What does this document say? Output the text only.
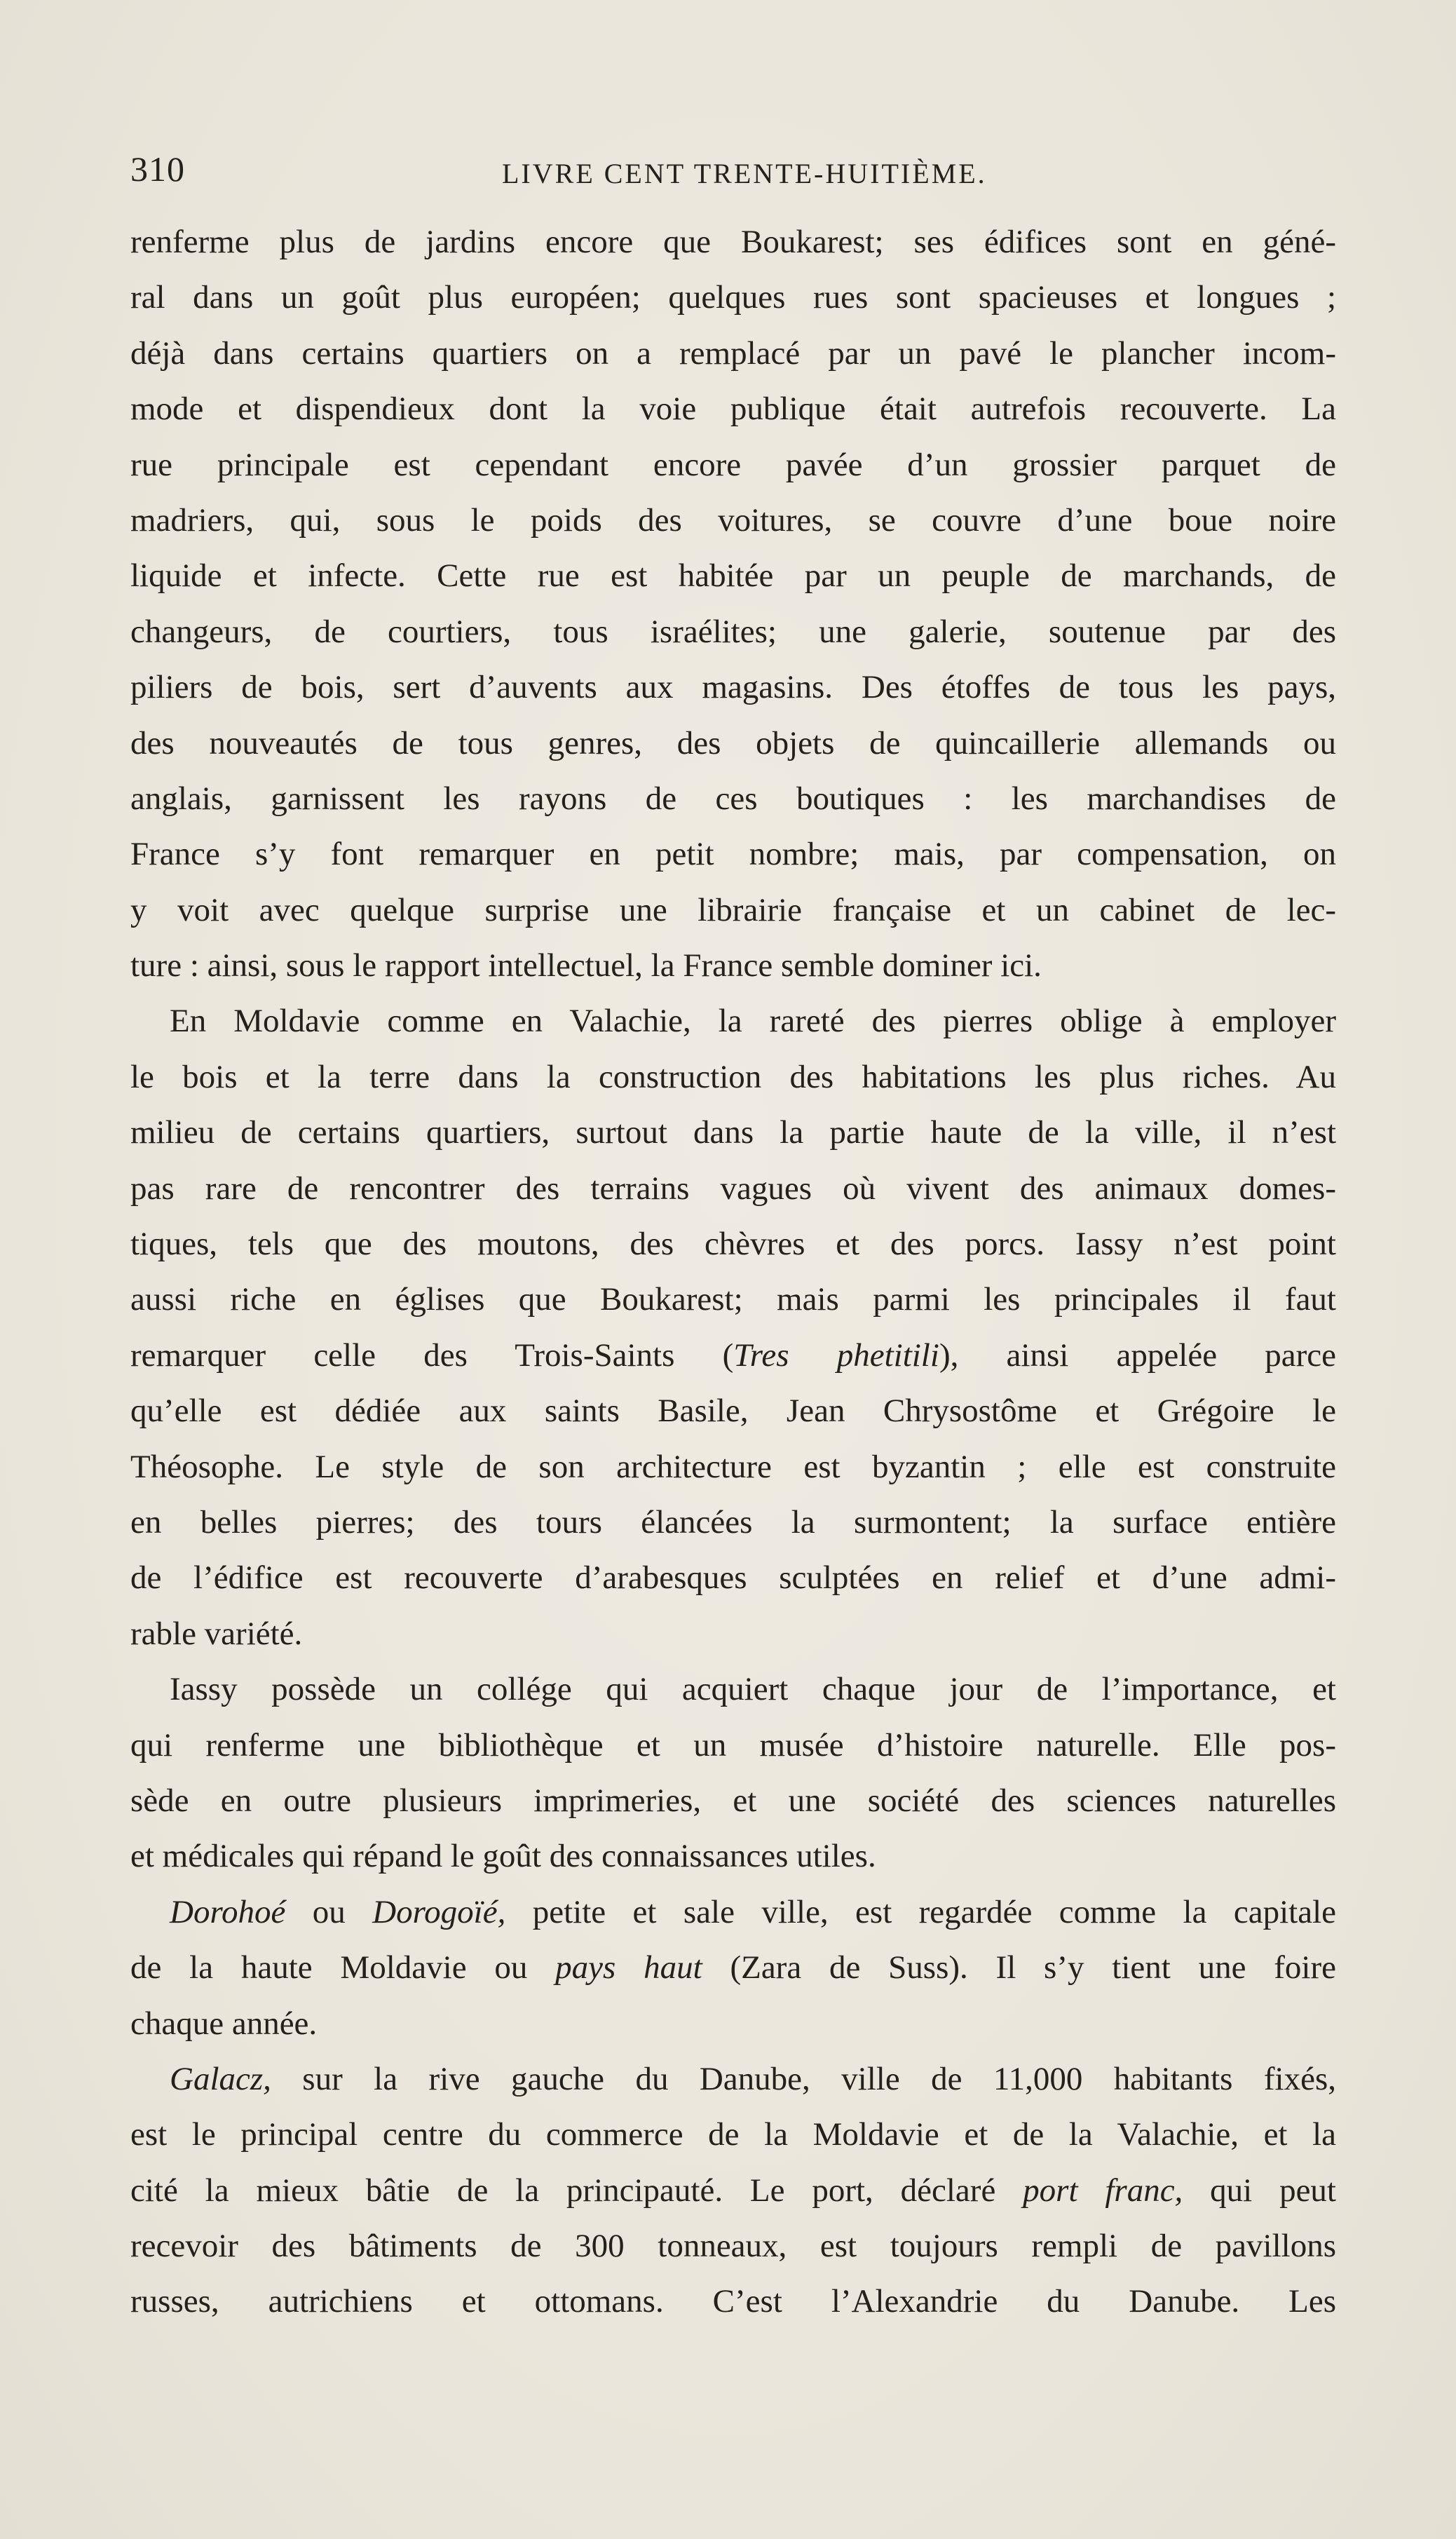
310	LIVRE CENT TRENTE-HUITIÈME.
renferme plus de jardins encore que Boukarest; ses édifices sont en géné-
ral dans un goût plus européen; quelques rues sont spacieuses et longues ;
déjà dans certains quartiers on a remplacé par un pavé le plancher incom-
mode et dispendieux dont la voie publique était autrefois recouverte. La
rue principale est cependant encore pavée d’un grossier parquet de
madriers, qui, sous le poids des voitures, se couvre d’une boue noire
liquide et infecte. Cette rue est habitée par un peuple de marchands, de
changeurs, de courtiers, tous israélites; une galerie, soutenue par des
piliers de bois, sert d’auvents aux magasins. Des étoffes de tous les pays,
des nouveautés de tous genres, des objets de quincaillerie allemands ou
anglais, garnissent les rayons de ces boutiques : les marchandises de
France s’y font remarquer en petit nombre; mais, par compensation, on
y voit avec quelque surprise une librairie française et un cabinet de lec-
ture : ainsi, sous le rapport intellectuel, la France semble dominer ici.
En Moldavie comme en Valachie, la rareté des pierres oblige à employer
le bois et la terre dans la construction des habitations les plus riches. Au
milieu de certains quartiers, surtout dans la partie haute de la ville, il n’est
pas rare de rencontrer des terrains vagues où vivent des animaux domes-
tiques, tels que des moutons, des chèvres et des porcs. Iassy n’est point
aussi riche en églises que Boukarest; mais parmi les principales il faut
remarquer celle des Trois-Saints (Tres phetitili), ainsi appelée parce
qu’elle est dédiée aux saints Basile, Jean Chrysostôme et Grégoire le
Théosophe. Le style de son architecture est byzantin ; elle est construite
en belles pierres; des tours élancées la surmontent; la surface entière
de l’édifice est recouverte d’arabesques sculptées en relief et d’une admi-
rable variété.
Iassy possède un collége qui acquiert chaque jour de l’importance, et
qui renferme une bibliothèque et un musée d’histoire naturelle. Elle pos-
sède en outre plusieurs imprimeries, et une société des sciences naturelles
et médicales qui répand le goût des connaissances utiles.
Dorohoé ou Dorogoïé, petite et sale ville, est regardée comme la capitale
de la haute Moldavie ou pays haut (Zara de Suss). Il s’y tient une foire
chaque année.
Galacz, sur la rive gauche du Danube, ville de 11,000 habitants fixés,
est le principal centre du commerce de la Moldavie et de la Valachie, et la
cité la mieux bâtie de la principauté. Le port, déclaré port franc, qui peut
recevoir des bâtiments de 300 tonneaux, est toujours rempli de pavillons
russes, autrichiens et ottomans. C’est l’Alexandrie du Danube. Les
